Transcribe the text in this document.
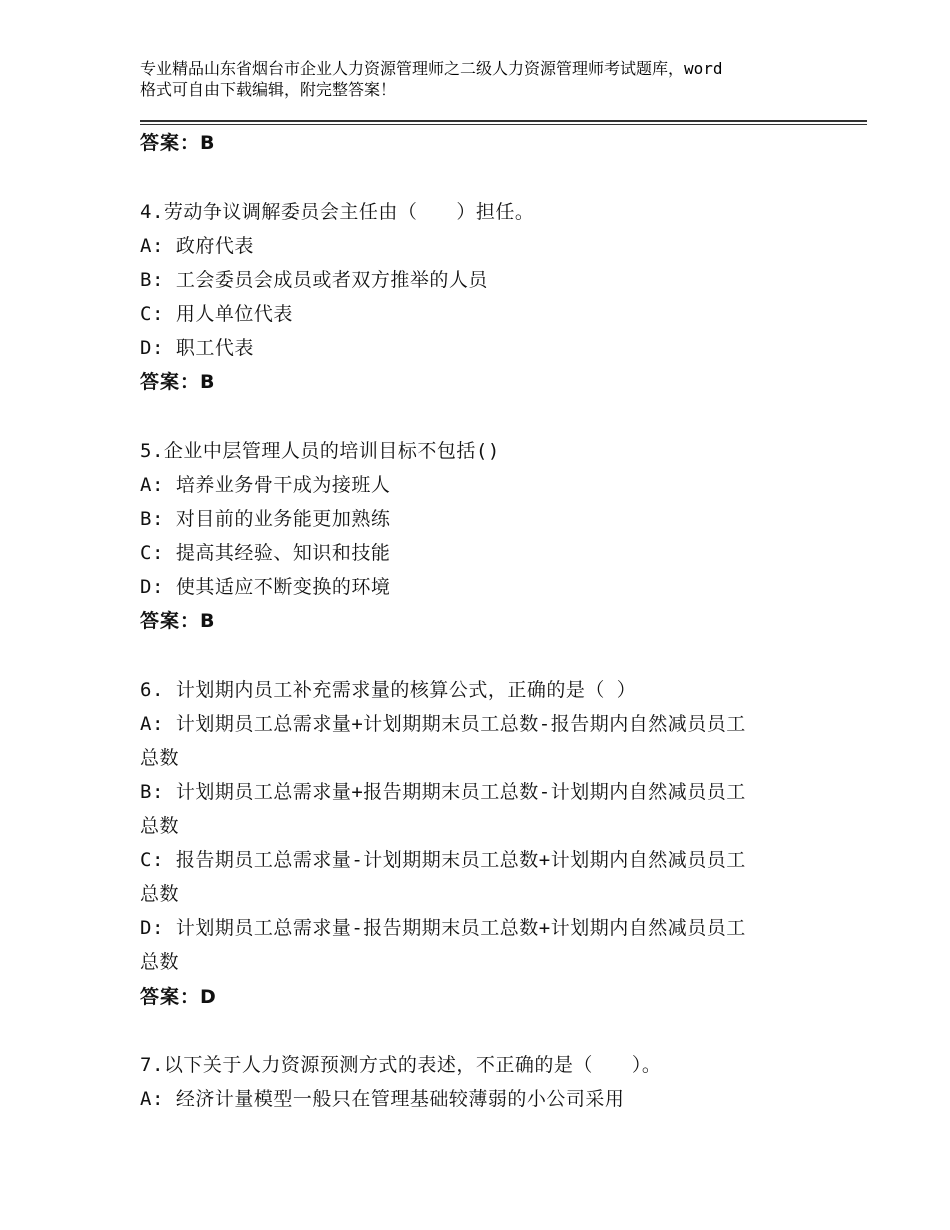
专业精品山东省烟台市企业人力资源管理师之二级人力资源管理师考试题库，word
格式可自由下载编辑，附完整答案！
答案：B
4.劳动争议调解委员会主任由（　　）担任。
A: 政府代表
B: 工会委员会成员或者双方推举的人员
C: 用人单位代表
D: 职工代表
答案：B
5.企业中层管理人员的培训目标不包括()
A: 培养业务骨干成为接班人
B: 对目前的业务能更加熟练
C: 提高其经验、知识和技能
D: 使其适应不断变换的环境
答案：B
6. 计划期内员工补充需求量的核算公式，正确的是（ ）
A: 计划期员工总需求量+计划期期末员工总数-报告期内自然减员员工
总数
B: 计划期员工总需求量+报告期期末员工总数-计划期内自然减员员工
总数
C: 报告期员工总需求量-计划期期末员工总数+计划期内自然减员员工
总数
D: 计划期员工总需求量-报告期期末员工总数+计划期内自然减员员工
总数
答案：D
7.以下关于人力资源预测方式的表述，不正确的是（　　）。
A: 经济计量模型一般只在管理基础较薄弱的小公司采用
